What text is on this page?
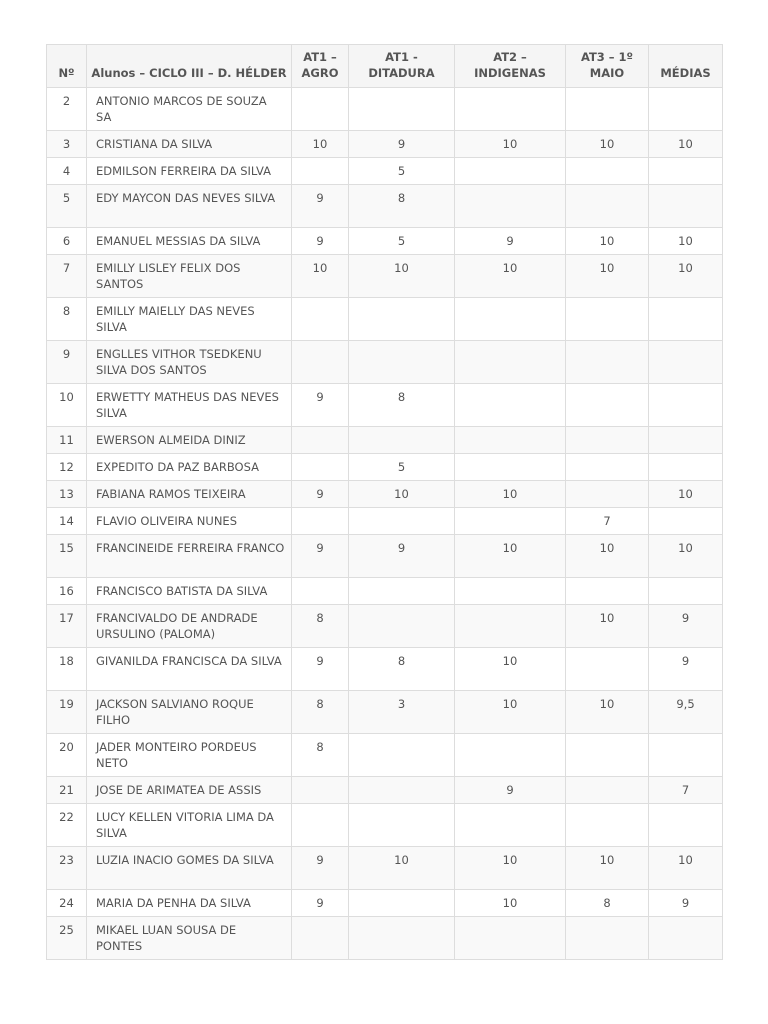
Nº	Alunos – CICLO III – D. HÉLDER	AT1 – AGRO	AT1 - DITADURA	AT2 – INDIGENAS	AT3 – 1º MAIO	MÉDIAS
2	ANTONIO MARCOS DE SOUZA SA					
3	CRISTIANA DA SILVA	10	9	10	10	10
4	EDMILSON FERREIRA DA SILVA		5			
5	EDY MAYCON DAS NEVES SILVA	9	8			
6	EMANUEL MESSIAS DA SILVA	9	5	9	10	10
7	EMILLY LISLEY FELIX DOS SANTOS	10	10	10	10	10
8	EMILLY MAIELLY DAS NEVES SILVA					
9	ENGLLES VITHOR TSEDKENU SILVA DOS SANTOS					
10	ERWETTY MATHEUS DAS NEVES SILVA	9	8			
11	EWERSON ALMEIDA DINIZ					
12	EXPEDITO DA PAZ BARBOSA		5			
13	FABIANA RAMOS TEIXEIRA	9	10	10		10
14	FLAVIO OLIVEIRA NUNES				7	
15	FRANCINEIDE FERREIRA FRANCO	9	9	10	10	10
16	FRANCISCO BATISTA DA SILVA					
17	FRANCIVALDO DE ANDRADE URSULINO (PALOMA)	8			10	9
18	GIVANILDA FRANCISCA DA SILVA	9	8	10		9
19	JACKSON SALVIANO ROQUE FILHO	8	3	10	10	9,5
20	JADER MONTEIRO PORDEUS NETO	8				
21	JOSE DE ARIMATEA DE ASSIS			9		7
22	LUCY KELLEN VITORIA LIMA DA SILVA					
23	LUZIA INACIO GOMES DA SILVA	9	10	10	10	10
24	MARIA DA PENHA DA SILVA	9		10	8	9
25	MIKAEL LUAN SOUSA DE PONTES					
